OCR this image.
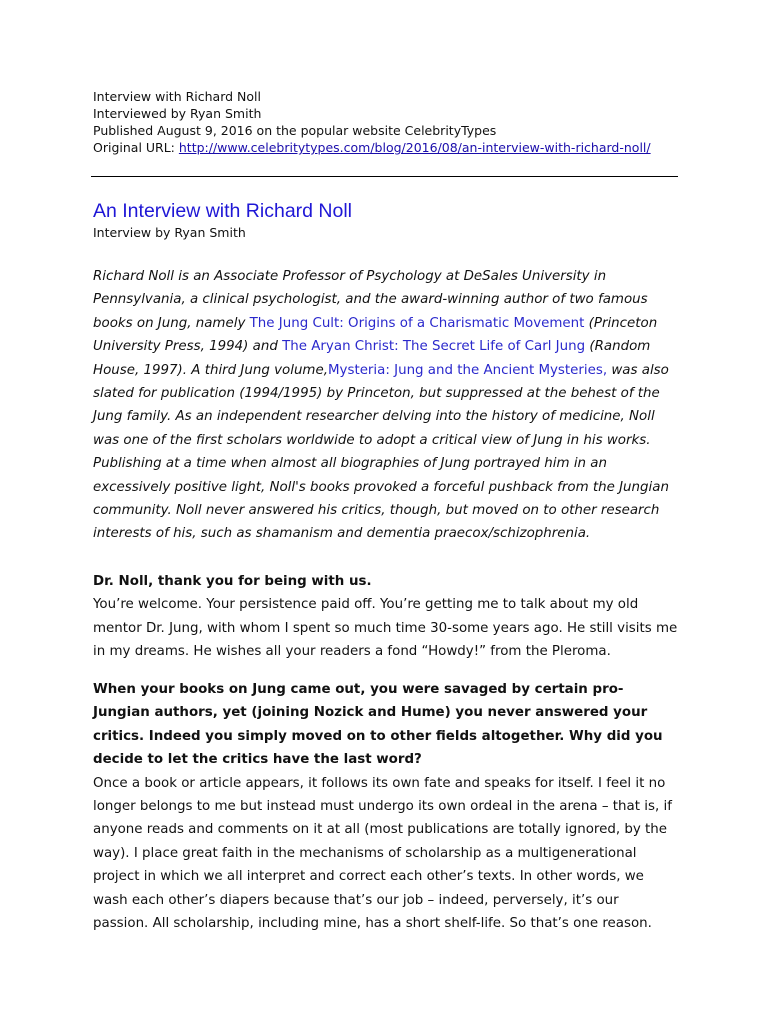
Interview with Richard Noll

Interviewed by Ryan Smith

Published August 9, 2016 on the popular website CelebrityTypes

Original URL: http://www.celebritytypes.com/blog/2016/08/an-interview-with-richard-noll/

An Interview with Richard Noll

Interview by Ryan Smith

Richard Noll is an Associate Professor of Psychology at DeSales University in Pennsylvania, a clinical psychologist, and the award-winning author of two famous books on Jung, namely The Jung Cult: Origins of a Charismatic Movement (Princeton University Press, 1994) and The Aryan Christ: The Secret Life of Carl Jung (Random House, 1997). A third Jung volume,Mysteria: Jung and the Ancient Mysteries, was also slated for publication (1994/1995) by Princeton, but suppressed at the behest of the Jung family. As an independent researcher delving into the history of medicine, Noll was one of the first scholars worldwide to adopt a critical view of Jung in his works. Publishing at a time when almost all biographies of Jung portrayed him in an excessively positive light, Noll's books provoked a forceful pushback from the Jungian community. Noll never answered his critics, though, but moved on to other research interests of his, such as shamanism and dementia praecox/schizophrenia.

Dr. Noll, thank you for being with us.
You’re welcome. Your persistence paid off. You’re getting me to talk about my old mentor Dr. Jung, with whom I spent so much time 30-some years ago. He still visits me in my dreams. He wishes all your readers a fond “Howdy!” from the Pleroma.
When your books on Jung came out, you were savaged by certain pro-Jungian authors, yet (joining Nozick and Hume) you never answered your critics. Indeed you simply moved on to other fields altogether. Why did you decide to let the critics have the last word?
Once a book or article appears, it follows its own fate and speaks for itself. I feel it no longer belongs to me but instead must undergo its own ordeal in the arena – that is, if anyone reads and comments on it at all (most publications are totally ignored, by the way). I place great faith in the mechanisms of scholarship as a multigenerational project in which we all interpret and correct each other’s texts. In other words, we wash each other’s diapers because that’s our job – indeed, perversely, it’s our passion. All scholarship, including mine, has a short shelf-life. So that’s one reason.
